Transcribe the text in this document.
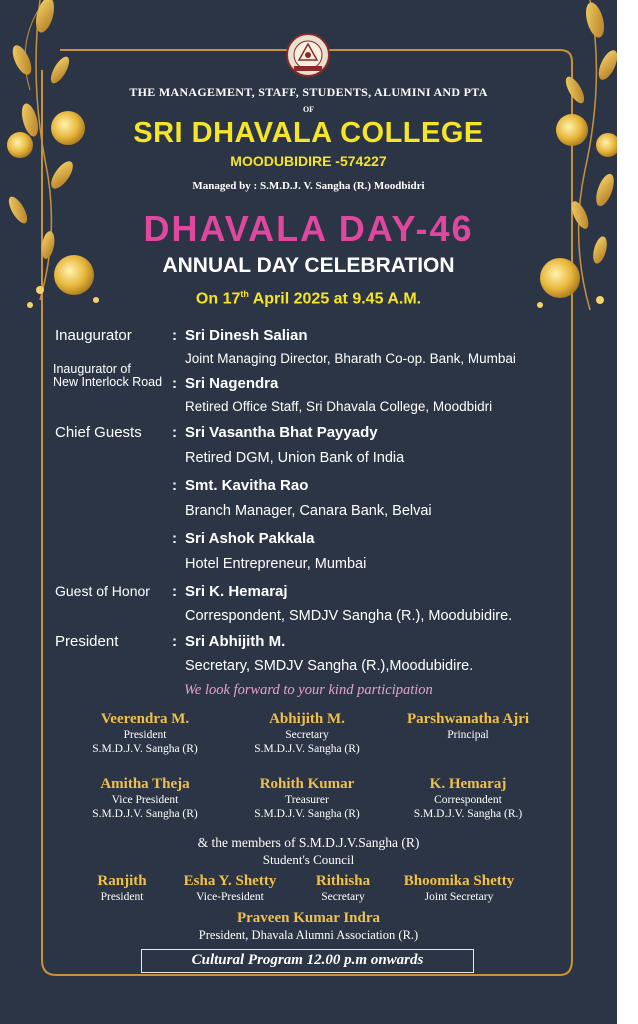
THE MANAGEMENT, STAFF, STUDENTS, ALUMINI AND PTA
OF
SRI DHAVALA COLLEGE
MOODUBIDIRE -574227
Managed by : S.M.D.J. V. Sangha (R.) Moodbidri
DHAVALA DAY-46
ANNUAL DAY CELEBRATION
On 17th April 2025 at 9.45 A.M.
Inaugurator	: Sri Dinesh Salian
Joint Managing Director, Bharath Co-op. Bank, Mumbai
Inaugurator of
New Interlock Road : Sri Nagendra
Retired Office Staff, Sri Dhavala College, Moodbidri
Chief Guests : Sri Vasantha Bhat Payyady
Retired DGM, Union Bank of India
: Smt. Kavitha Rao
Branch Manager, Canara Bank, Belvai
: Sri Ashok Pakkala
Hotel Entrepreneur, Mumbai
Guest of Honor : Sri K. Hemaraj
Correspondent, SMDJV Sangha (R.), Moodubidire.
President	: Sri Abhijith M.
Secretary, SMDJV Sangha (R.),Moodubidire.
We look forward to your kind participation
Veerendra M.
President
S.M.D.J.V. Sangha (R)
Abhijith M.
Secretary
S.M.D.J.V. Sangha (R)
Parshwanatha Ajri
Principal
Amitha Theja
Vice President
S.M.D.J.V. Sangha (R)
Rohith Kumar
Treasurer
S.M.D.J.V. Sangha (R)
K. Hemaraj
Correspondent
S.M.D.J.V. Sangha (R.)
& the members of S.M.D.J.V.Sangha (R)
Student's Council
Ranjith
President
Esha Y. Shetty
Vice-President
Rithisha
Secretary
Bhoomika Shetty
Joint Secretary
Praveen Kumar Indra
President, Dhavala Alumni Association (R.)
Cultural Program 12.00 p.m onwards
